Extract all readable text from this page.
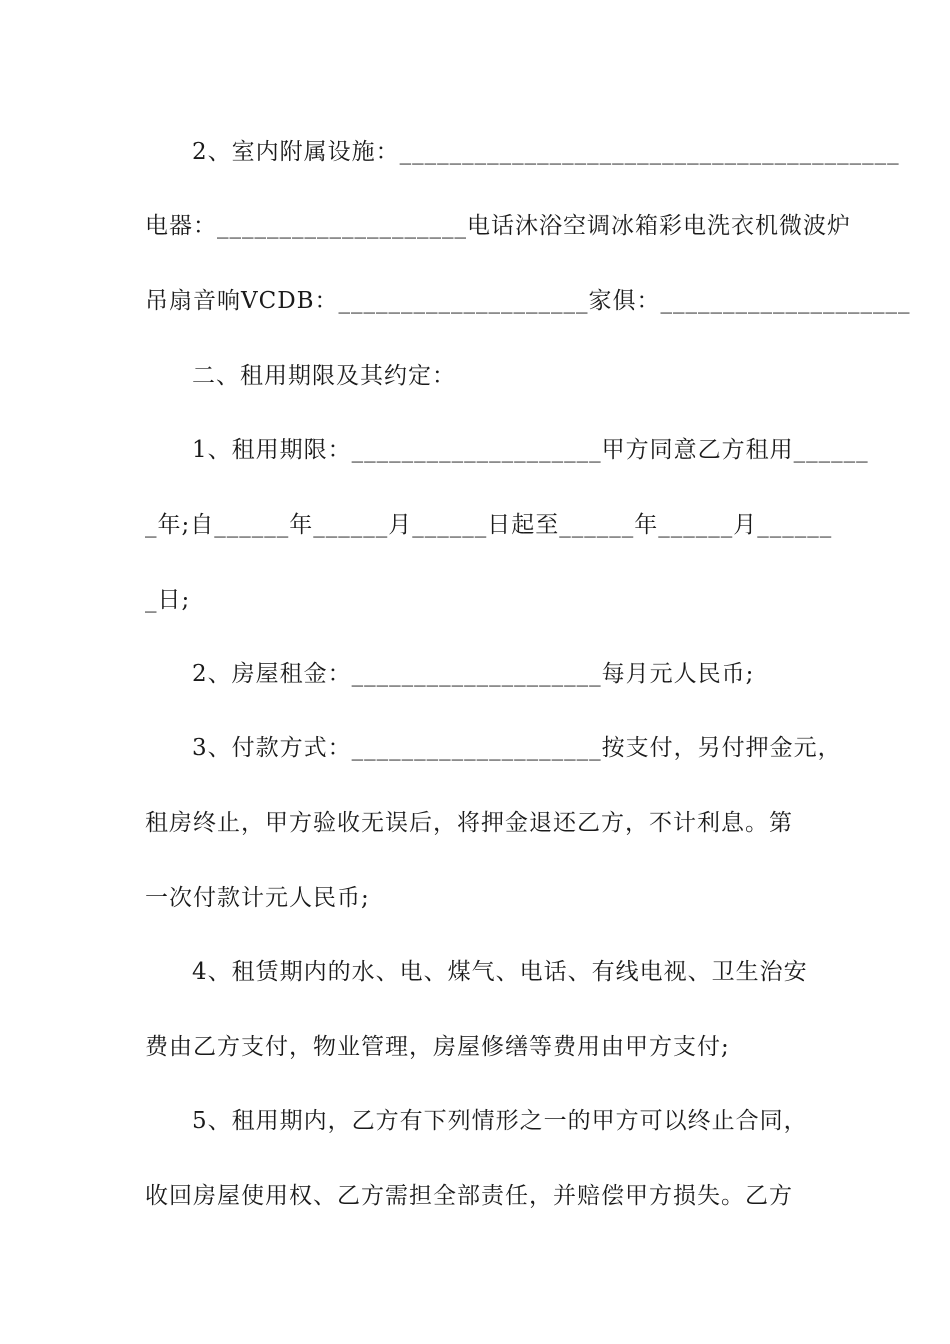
2、室内附属设施：________________________________________
电器：____________________电话沐浴空调冰箱彩电洗衣机微波炉
吊扇音响VCDB：____________________家俱：____________________
二、租用期限及其约定：
1、租用期限：____________________甲方同意乙方租用______
_年;自______年______月______日起至______年______月______
_日;
2、房屋租金：____________________每月元人民币;
3、付款方式：____________________按支付，另付押金元，
租房终止，甲方验收无误后，将押金退还乙方，不计利息。第
一次付款计元人民币;
4、租赁期内的水、电、煤气、电话、有线电视、卫生治安
费由乙方支付，物业管理，房屋修缮等费用由甲方支付;
5、租用期内，乙方有下列情形之一的甲方可以终止合同，
收回房屋使用权、乙方需担全部责任，并赔偿甲方损失。乙方
